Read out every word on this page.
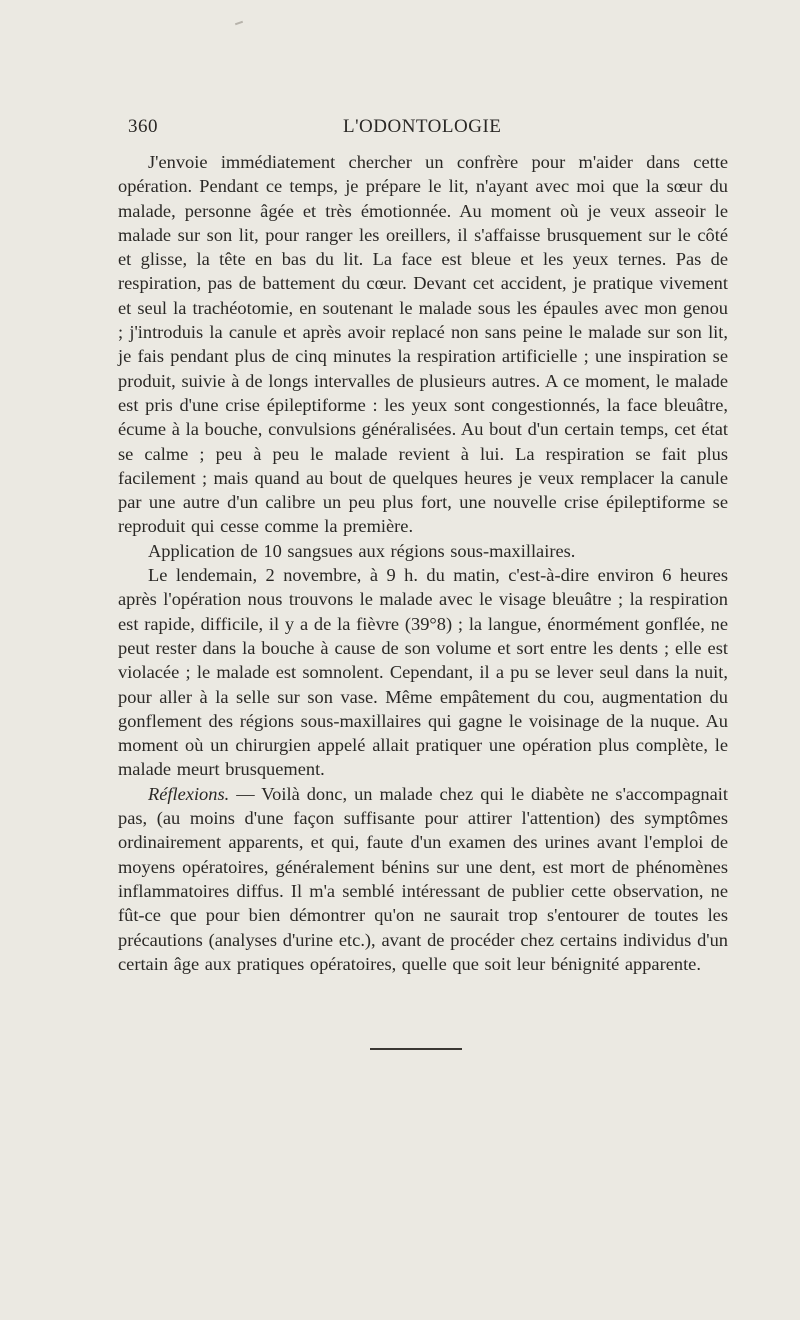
360	L'ODONTOLOGIE

J'envoie immédiatement chercher un confrère pour m'aider dans cette opération. Pendant ce temps, je prépare le lit, n'ayant avec moi que la sœur du malade, personne âgée et très émotionnée. Au moment où je veux asseoir le malade sur son lit, pour ranger les oreillers, il s'affaisse brusquement sur le côté et glisse, la tête en bas du lit. La face est bleue et les yeux ternes. Pas de respiration, pas de battement du cœur. Devant cet accident, je pratique vivement et seul la trachéotomie, en soutenant le malade sous les épaules avec mon genou ; j'introduis la canule et après avoir replacé non sans peine le malade sur son lit, je fais pendant plus de cinq minutes la respiration artificielle ; une inspiration se produit, suivie à de longs intervalles de plusieurs autres. A ce moment, le malade est pris d'une crise épileptiforme : les yeux sont congestionnés, la face bleuâtre, écume à la bouche, convulsions généralisées. Au bout d'un certain temps, cet état se calme ; peu à peu le malade revient à lui. La respiration se fait plus facilement ; mais quand au bout de quelques heures je veux remplacer la canule par une autre d'un calibre un peu plus fort, une nouvelle crise épileptiforme se reproduit qui cesse comme la première.

Application de 10 sangsues aux régions sous-maxillaires.

Le lendemain, 2 novembre, à 9 h. du matin, c'est-à-dire environ 6 heures après l'opération nous trouvons le malade avec le visage bleuâtre ; la respiration est rapide, difficile, il y a de la fièvre (39°8) ; la langue, énormément gonflée, ne peut rester dans la bouche à cause de son volume et sort entre les dents ; elle est violacée ; le malade est somnolent. Cependant, il a pu se lever seul dans la nuit, pour aller à la selle sur son vase. Même empâtement du cou, augmentation du gonflement des régions sous-maxillaires qui gagne le voisinage de la nuque. Au moment où un chirurgien appelé allait pratiquer une opération plus complète, le malade meurt brusquement.

Réflexions. — Voilà donc, un malade chez qui le diabète ne s'accompagnait pas, (au moins d'une façon suffisante pour attirer l'attention) des symptômes ordinairement apparents, et qui, faute d'un examen des urines avant l'emploi de moyens opératoires, généralement bénins sur une dent, est mort de phénomènes inflammatoires diffus. Il m'a semblé intéressant de publier cette observation, ne fût-ce que pour bien démontrer qu'on ne saurait trop s'entourer de toutes les précautions (analyses d'urine etc.), avant de procéder chez certains individus d'un certain âge aux pratiques opératoires, quelle que soit leur bénignité apparente.
